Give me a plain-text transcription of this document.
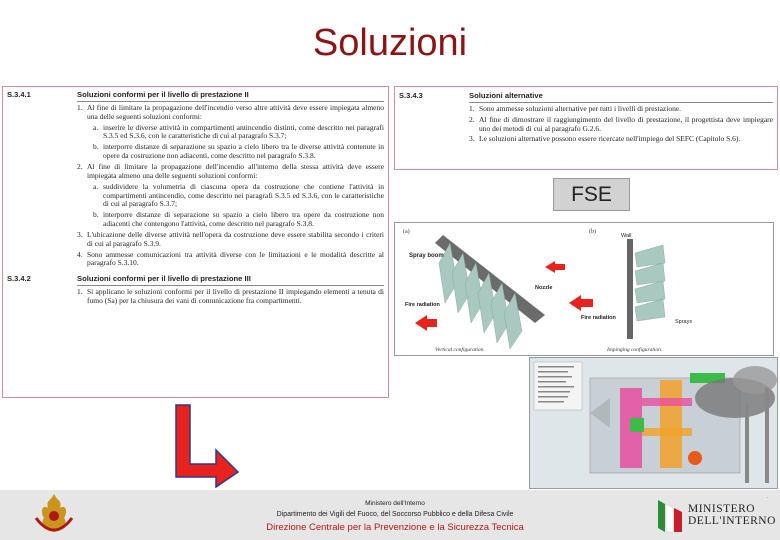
Soluzioni
S.3.4.1	Soluzioni conformi per il livello di prestazione II
1. Al fine di limitare la propagazione dell'incendio verso altre attività deve essere impiegata almeno una delle seguenti soluzioni conformi:
a. inserire le diverse attività in compartimenti antincendio distinti, come descritto nei paragrafi S.3.5 ed S.3.6, con le caratteristiche di cui al paragrafo S.3.7;
b. interporre distanze di separazione su spazio a cielo libero tra le diverse attività contenute in opere da costruzione non adiacenti, come descritto nel paragrafo S.3.8.
2. Al fine di limitare la propagazione dell'incendio all'interno della stessa attività deve essere impiegata almeno una delle seguenti soluzioni conformi:
a. suddividere la volumetria di ciascuna opera da costruzione che contiene l'attività in compartimenti antincendio, come descritto nei paragrafi S.3.5 ed S.3.6, con le caratteristiche di cui al paragrafo S.3.7;
b. interporre distanze di separazione su spazio a cielo libero tra opere da costruzione non adiacenti che contengono l'attività, come descritto nel paragrafo S.3.8.
3. L'ubicazione delle diverse attività nell'opera da costruzione deve essere stabilita secondo i criteri di cui al paragrafo S.3.9.
4. Sono ammesse comunicazioni tra attività diverse con le limitazioni e le modalità descritte al paragrafo S.3.10.
S.3.4.2	Soluzioni conformi per il livello di prestazione III
1. Si applicano le soluzioni conformi per il livello di prestazione II impiegando elementi a tenuta di fumo (Sa) per la chiusura dei vani di comunicazione fra compartimenti.
S.3.4.3	Soluzioni alternative
1. Sono ammesse soluzioni alternative per tutti i livelli di prestazione.
2. Al fine di dimostrare il raggiungimento del livello di prestazione, il progettista deve impiegare uno dei metodi di cui al paragrafo G.2.6.
3. Le soluzioni alternative possono essere ricercate nell'impiego del SEFC (Capitolo S.6).
FSE
(a)
Spray boom
Fire radiation
Nozzle
(b)
Wall
Fire radiation
Sprays
Vertical configuration.	Impinging configuration.
Ministero dell'Interno
Dipartimento dei Vigili del Fuoco, del Soccorso Pubblico e della Difesa Civile
Direzione Centrale per la Prevenzione e la Sicurezza Tecnica
MINISTERO
DELL'INTERNO
.
